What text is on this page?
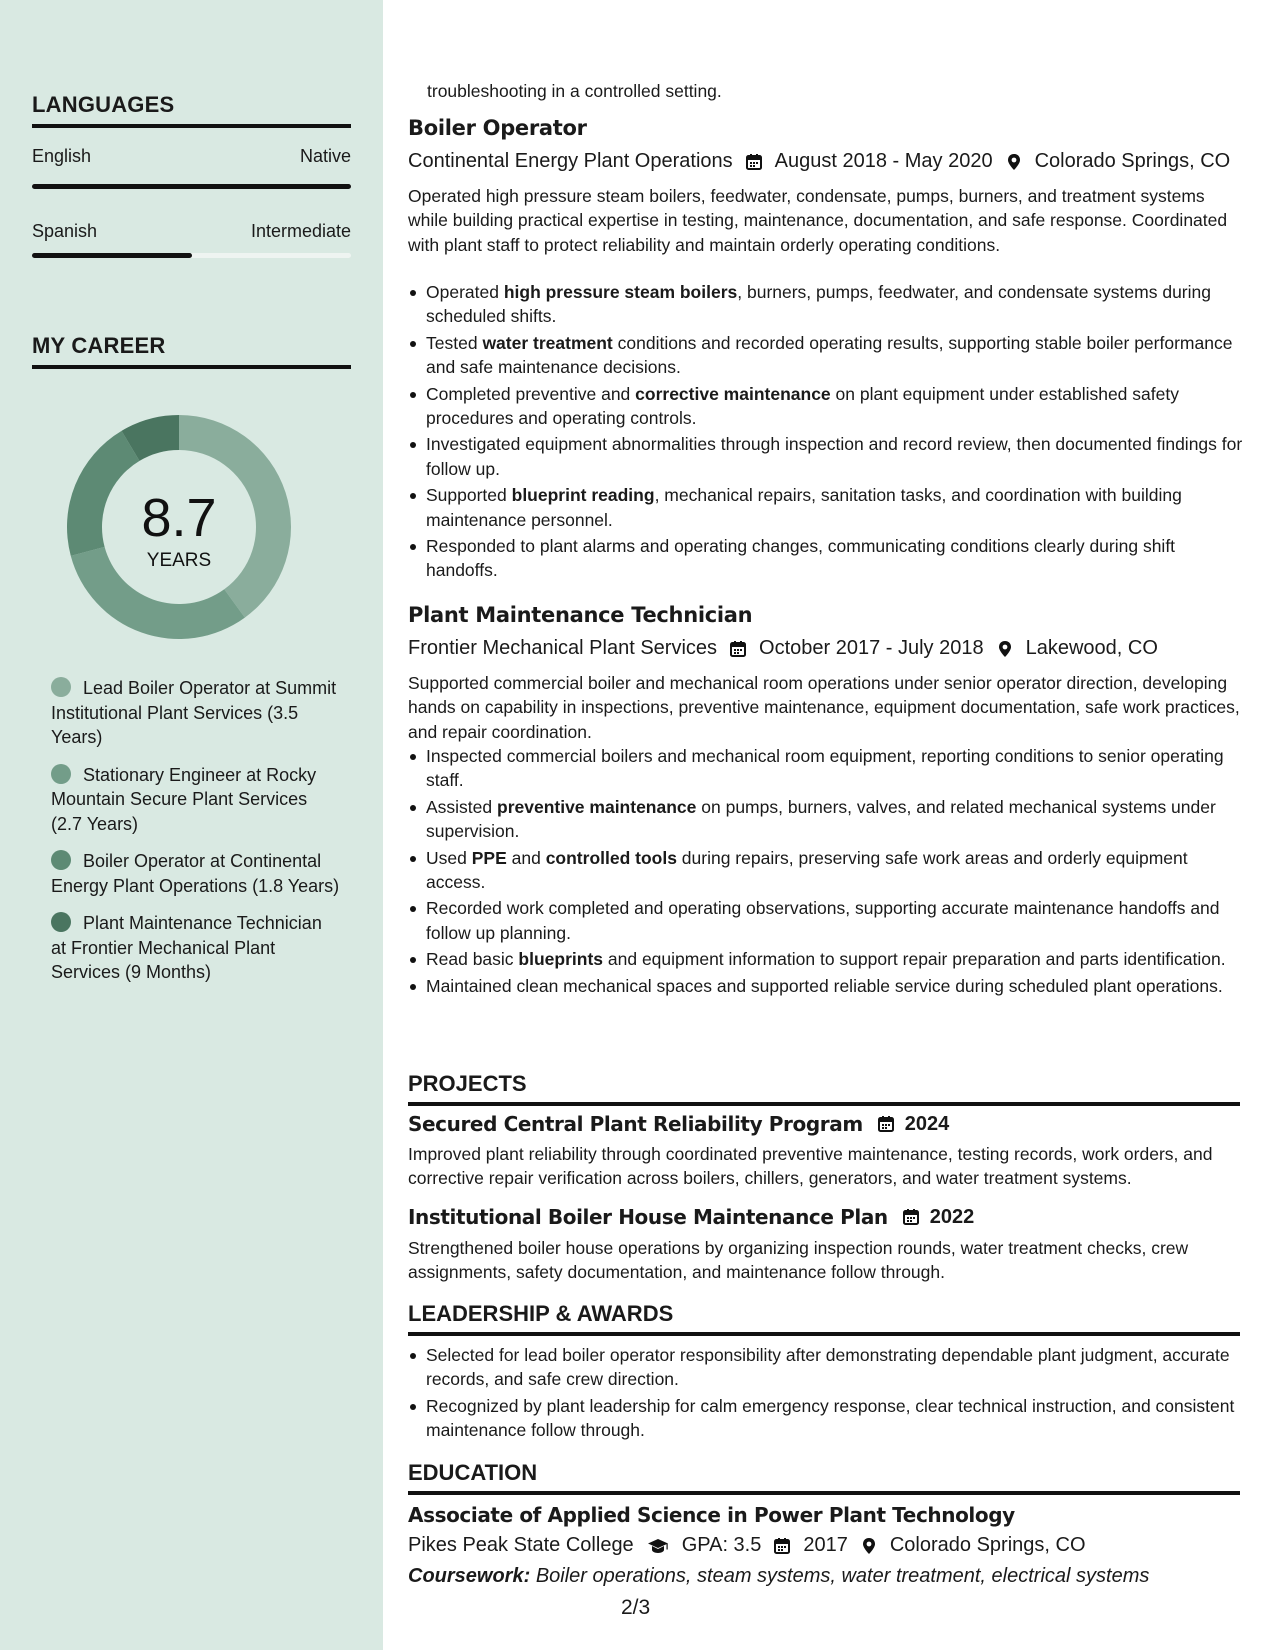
LANGUAGES
English	Native
Spanish	Intermediate
MY CAREER
8.7
YEARS
Lead Boiler Operator at Summit Institutional Plant Services (3.5 Years)
Stationary Engineer at Rocky Mountain Secure Plant Services (2.7 Years)
Boiler Operator at Continental Energy Plant Operations (1.8 Years)
Plant Maintenance Technician at Frontier Mechanical Plant Services (9 Months)
troubleshooting in a controlled setting.
Boiler Operator
Continental Energy Plant Operations August 2018 - May 2020 Colorado Springs, CO
Operated high pressure steam boilers, feedwater, condensate, pumps, burners, and treatment systems while building practical expertise in testing, maintenance, documentation, and safe response. Coordinated with plant staff to protect reliability and maintain orderly operating conditions.
Operated high pressure steam boilers, burners, pumps, feedwater, and condensate systems during scheduled shifts.
Tested water treatment conditions and recorded operating results, supporting stable boiler performance and safe maintenance decisions.
Completed preventive and corrective maintenance on plant equipment under established safety procedures and operating controls.
Investigated equipment abnormalities through inspection and record review, then documented findings for follow up.
Supported blueprint reading, mechanical repairs, sanitation tasks, and coordination with building maintenance personnel.
Responded to plant alarms and operating changes, communicating conditions clearly during shift handoffs.
Plant Maintenance Technician
Frontier Mechanical Plant Services October 2017 - July 2018 Lakewood, CO
Supported commercial boiler and mechanical room operations under senior operator direction, developing hands on capability in inspections, preventive maintenance, equipment documentation, safe work practices, and repair coordination.
Inspected commercial boilers and mechanical room equipment, reporting conditions to senior operating staff.
Assisted preventive maintenance on pumps, burners, valves, and related mechanical systems under supervision.
Used PPE and controlled tools during repairs, preserving safe work areas and orderly equipment access.
Recorded work completed and operating observations, supporting accurate maintenance handoffs and follow up planning.
Read basic blueprints and equipment information to support repair preparation and parts identification.
Maintained clean mechanical spaces and supported reliable service during scheduled plant operations.
PROJECTS
Secured Central Plant Reliability Program 2024
Improved plant reliability through coordinated preventive maintenance, testing records, work orders, and corrective repair verification across boilers, chillers, generators, and water treatment systems.
Institutional Boiler House Maintenance Plan 2022
Strengthened boiler house operations by organizing inspection rounds, water treatment checks, crew assignments, safety documentation, and maintenance follow through.
LEADERSHIP & AWARDS
Selected for lead boiler operator responsibility after demonstrating dependable plant judgment, accurate records, and safe crew direction.
Recognized by plant leadership for calm emergency response, clear technical instruction, and consistent maintenance follow through.
EDUCATION
Associate of Applied Science in Power Plant Technology
Pikes Peak State College GPA: 3.5 2017 Colorado Springs, CO
Coursework: Boiler operations, steam systems, water treatment, electrical systems
2/3
